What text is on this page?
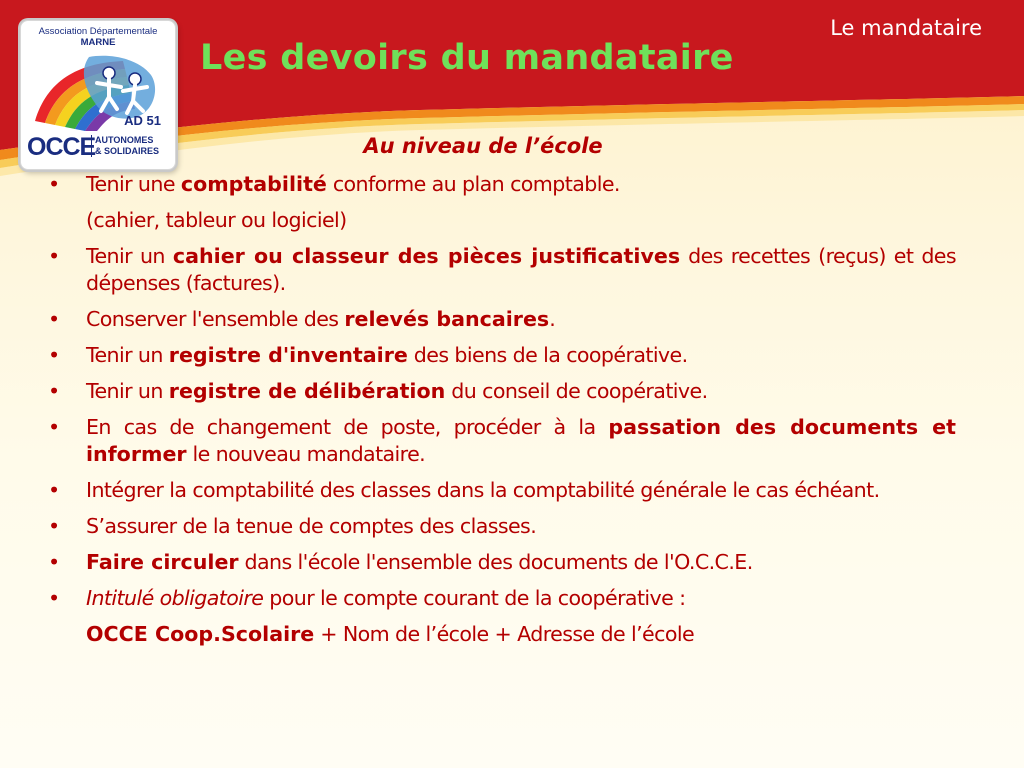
Le mandataire
Association Départementale
MARNE
AD 51
OCCE AUTONOMES
& SOLIDAIRES
Les devoirs du mandataire
Au niveau de l’école
• Tenir une comptabilité conforme au plan comptable.
(cahier, tableur ou logiciel)
• Tenir un cahier ou classeur des pièces justificatives des recettes (reçus) et des dépenses (factures).
• Conserver l'ensemble des relevés bancaires.
• Tenir un registre d'inventaire des biens de la coopérative.
• Tenir un registre de délibération du conseil de coopérative.
• En cas de changement de poste, procéder à la passation des documents et informer le nouveau mandataire.
• Intégrer la comptabilité des classes dans la comptabilité générale le cas échéant.
• S’assurer de la tenue de comptes des classes.
• Faire circuler dans l'école l'ensemble des documents de l'O.C.C.E.
• Intitulé obligatoire pour le compte courant de la coopérative :
OCCE Coop.Scolaire + Nom de l’école + Adresse de l’école
